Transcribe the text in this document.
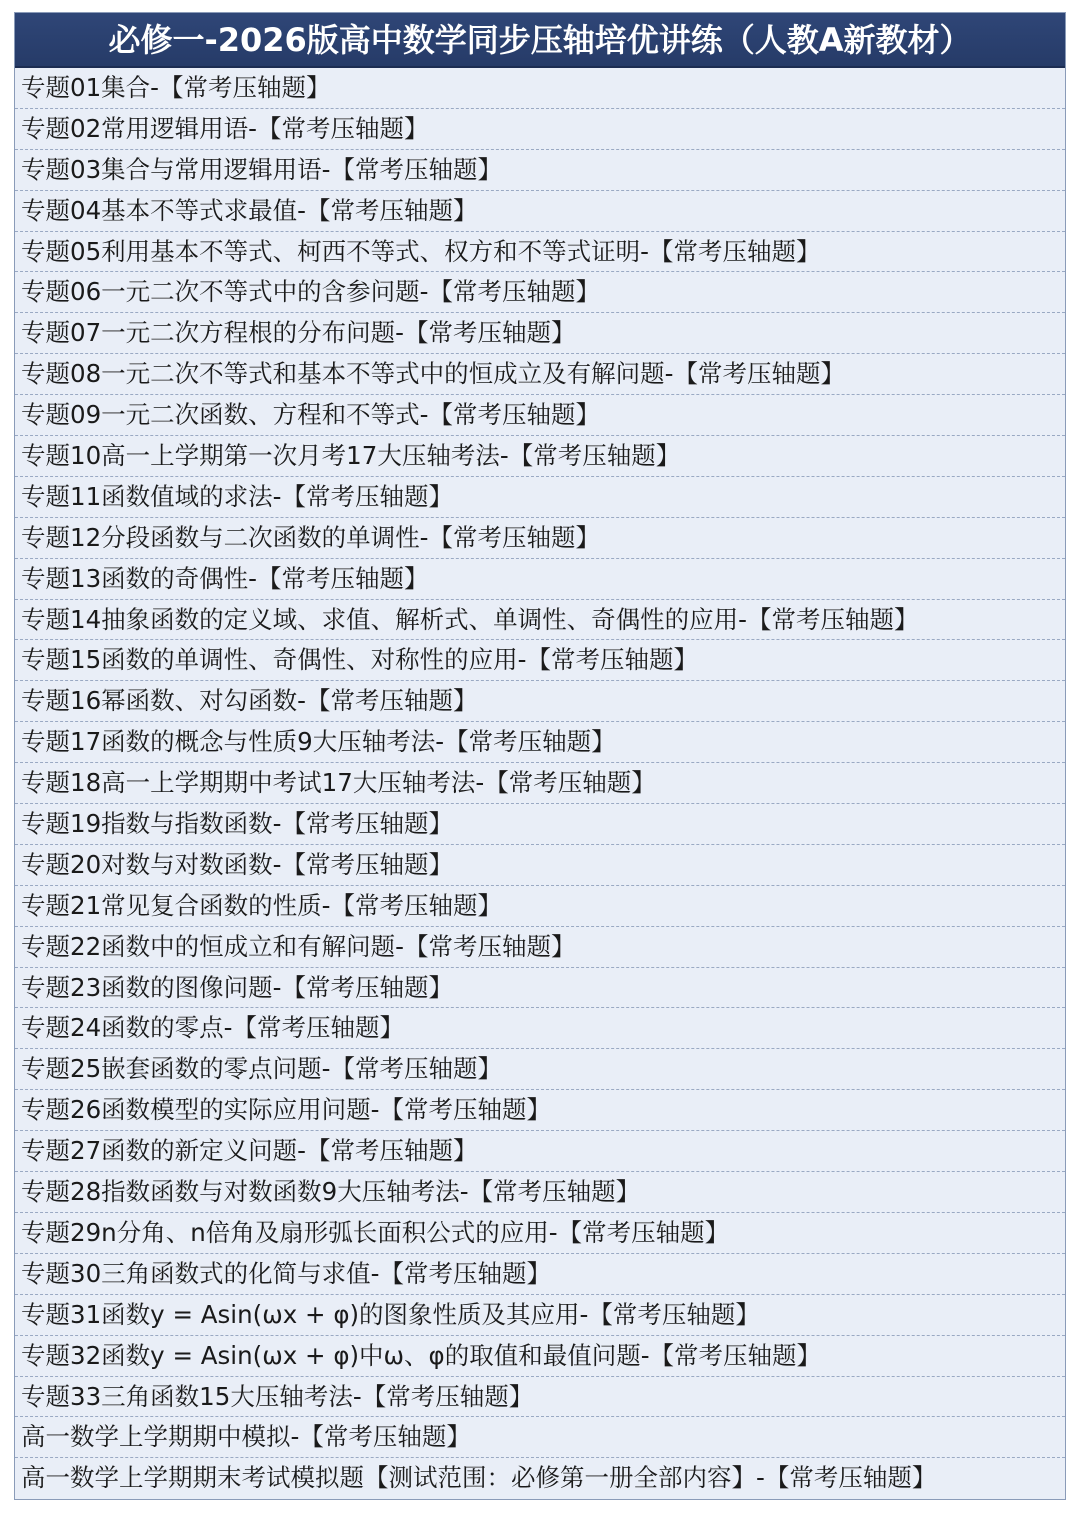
必修一-2026版高中数学同步压轴培优讲练（人教A新教材）
专题01集合-【常考压轴题】
专题02常用逻辑用语-【常考压轴题】
专题03集合与常用逻辑用语-【常考压轴题】
专题04基本不等式求最值-【常考压轴题】
专题05利用基本不等式、柯西不等式、权方和不等式证明-【常考压轴题】
专题06一元二次不等式中的含参问题-【常考压轴题】
专题07一元二次方程根的分布问题-【常考压轴题】
专题08一元二次不等式和基本不等式中的恒成立及有解问题-【常考压轴题】
专题09一元二次函数、方程和不等式-【常考压轴题】
专题10高一上学期第一次月考17大压轴考法-【常考压轴题】
专题11函数值域的求法-【常考压轴题】
专题12分段函数与二次函数的单调性-【常考压轴题】
专题13函数的奇偶性-【常考压轴题】
专题14抽象函数的定义域、求值、解析式、单调性、奇偶性的应用-【常考压轴题】
专题15函数的单调性、奇偶性、对称性的应用-【常考压轴题】
专题16幂函数、对勾函数-【常考压轴题】
专题17函数的概念与性质9大压轴考法-【常考压轴题】
专题18高一上学期期中考试17大压轴考法-【常考压轴题】
专题19指数与指数函数-【常考压轴题】
专题20对数与对数函数-【常考压轴题】
专题21常见复合函数的性质-【常考压轴题】
专题22函数中的恒成立和有解问题-【常考压轴题】
专题23函数的图像问题-【常考压轴题】
专题24函数的零点-【常考压轴题】
专题25嵌套函数的零点问题-【常考压轴题】
专题26函数模型的实际应用问题-【常考压轴题】
专题27函数的新定义问题-【常考压轴题】
专题28指数函数与对数函数9大压轴考法-【常考压轴题】
专题29n分角、n倍角及扇形弧长面积公式的应用-【常考压轴题】
专题30三角函数式的化简与求值-【常考压轴题】
专题31函数y = Asin(ωx + φ)的图象性质及其应用-【常考压轴题】
专题32函数y = Asin(ωx + φ)中ω、φ的取值和最值问题-【常考压轴题】
专题33三角函数15大压轴考法-【常考压轴题】
高一数学上学期期中模拟-【常考压轴题】
高一数学上学期期末考试模拟题【测试范围：必修第一册全部内容】-【常考压轴题】
